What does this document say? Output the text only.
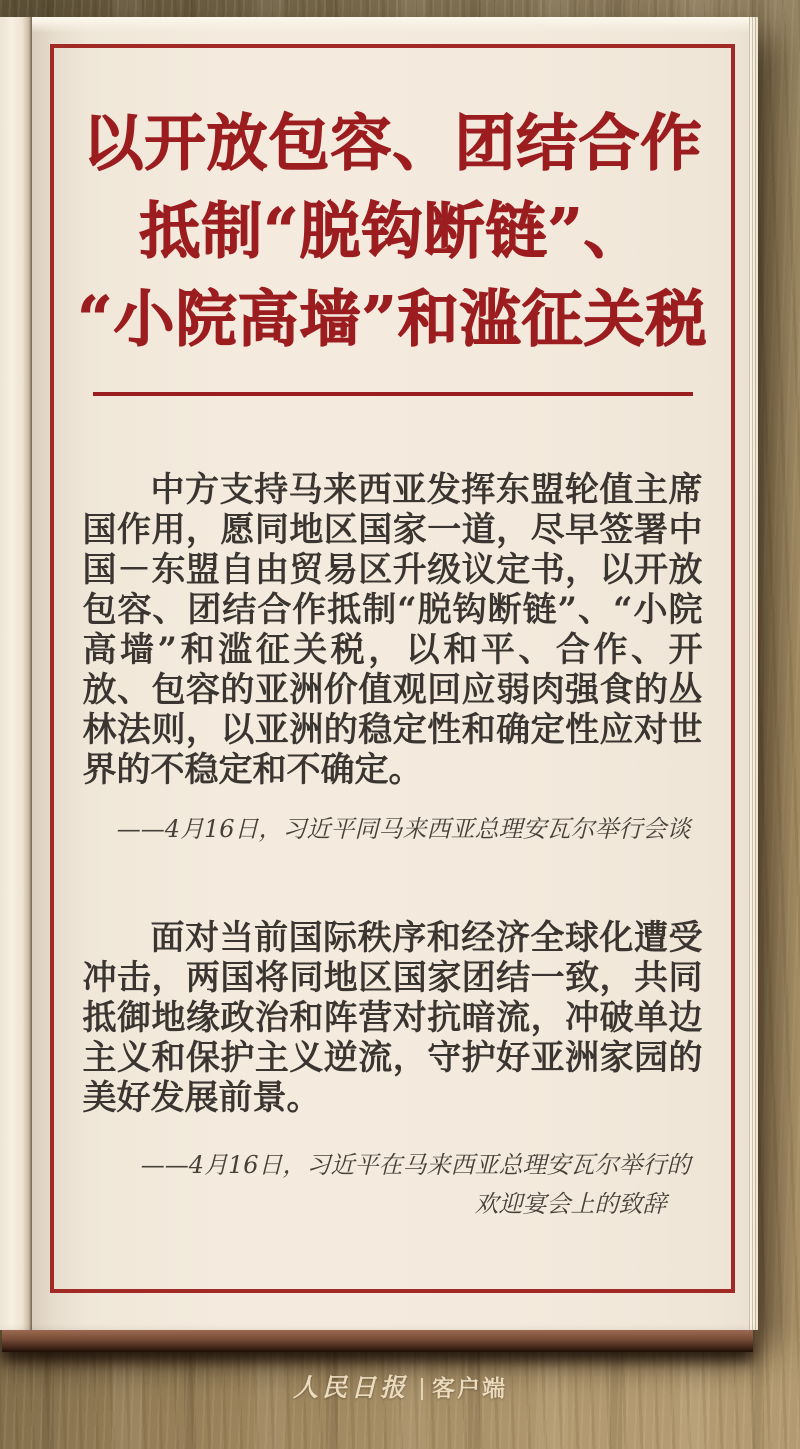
以开放包容、团结合作
抵制“脱钩断链”、
“小院高墙”和滥征关税

中方支持马来西亚发挥东盟轮值主席国作用，愿同地区国家一道，尽早签署中国－东盟自由贸易区升级议定书，以开放包容、团结合作抵制“脱钩断链”、“小院高墙”和滥征关税，以和平、合作、开放、包容的亚洲价值观回应弱肉强食的丛林法则，以亚洲的稳定性和确定性应对世界的不稳定和不确定。

——4月16日，习近平同马来西亚总理安瓦尔举行会谈

面对当前国际秩序和经济全球化遭受冲击，两国将同地区国家团结一致，共同抵御地缘政治和阵营对抗暗流，冲破单边主义和保护主义逆流，守护好亚洲家园的美好发展前景。

——4月16日，习近平在马来西亚总理安瓦尔举行的
欢迎宴会上的致辞

人民日报 客户端
